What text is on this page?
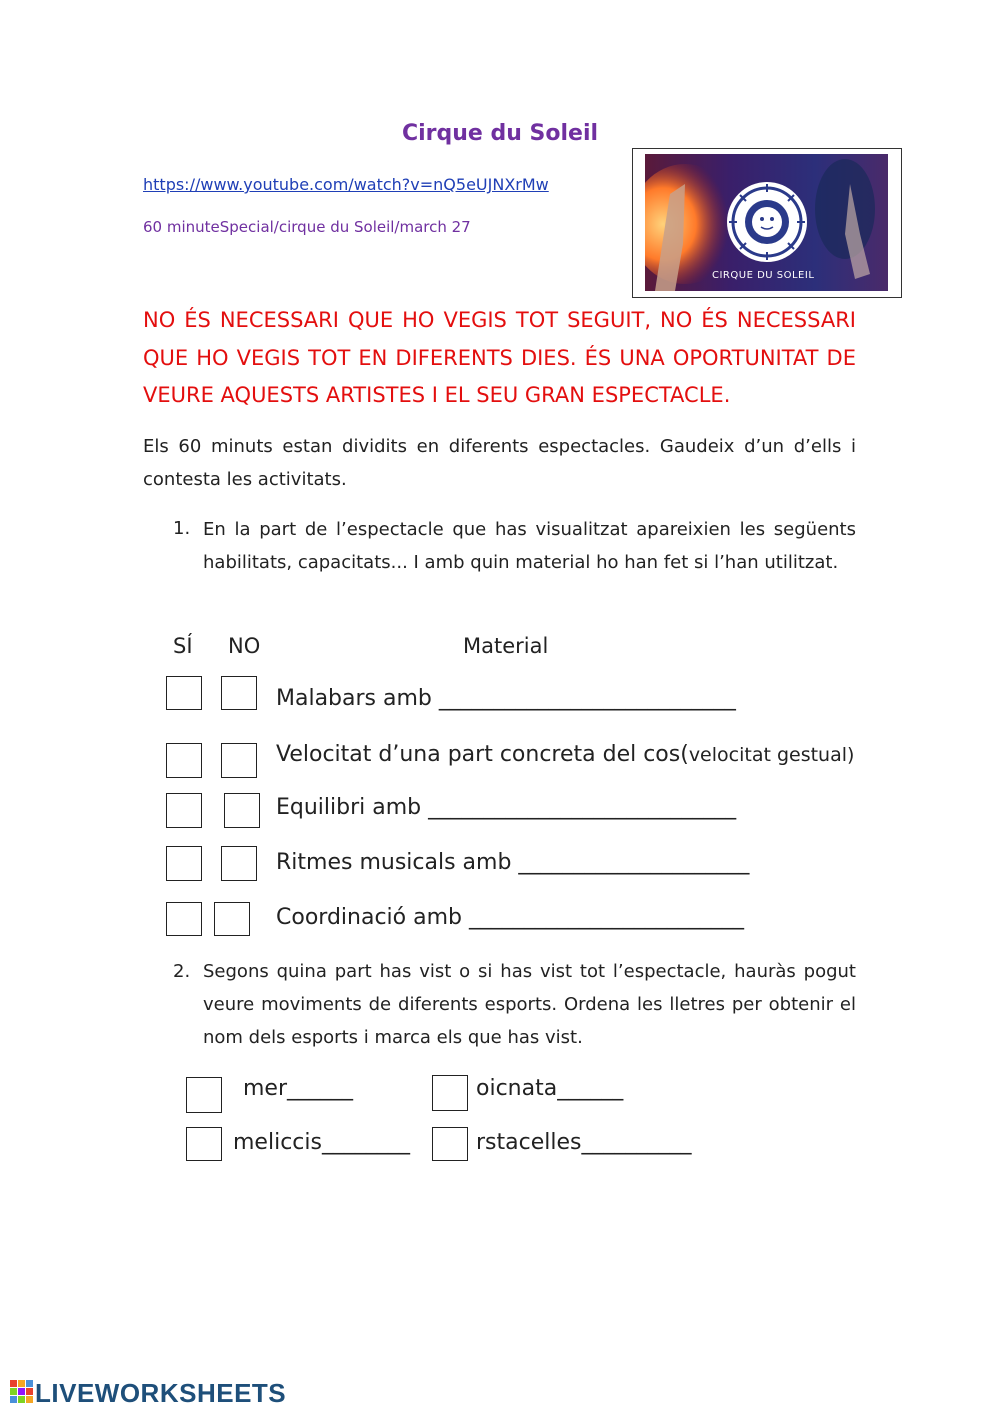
Cirque du Soleil
https://www.youtube.com/watch?v=nQ5eUJNXrMw
60 minuteSpecial/cirque du Soleil/march 27
CIRQUE DU SOLEIL
NO ÉS NECESSARI QUE HO VEGIS TOT SEGUIT, NO ÉS NECESSARI QUE HO VEGIS TOT EN DIFERENTS DIES. ÉS UNA OPORTUNITAT DE VEURE AQUESTS ARTISTES I EL SEU GRAN ESPECTACLE.
Els 60 minuts estan dividits en diferents espectacles. Gaudeix d’un d’ells i contesta les activitats.
1. En la part de l’espectacle que has visualitzat apareixien les següents habilitats, capacitats... I amb quin material ho han fet si l’han utilitzat.
SÍ NO	Material
Malabars amb ___________________________
Velocitat d’una part concreta del cos(velocitat gestual)
Equilibri amb ____________________________
Ritmes musicals amb _____________________
Coordinació amb _________________________
2. Segons quina part has vist o si has vist tot l’espectacle, hauràs pogut veure moviments de diferents esports. Ordena les lletres per obtenir el nom dels esports i marca els que has vist.
mer______	oicnata______
meliccis________	rstacelles__________
LIVEWORKSHEETS
